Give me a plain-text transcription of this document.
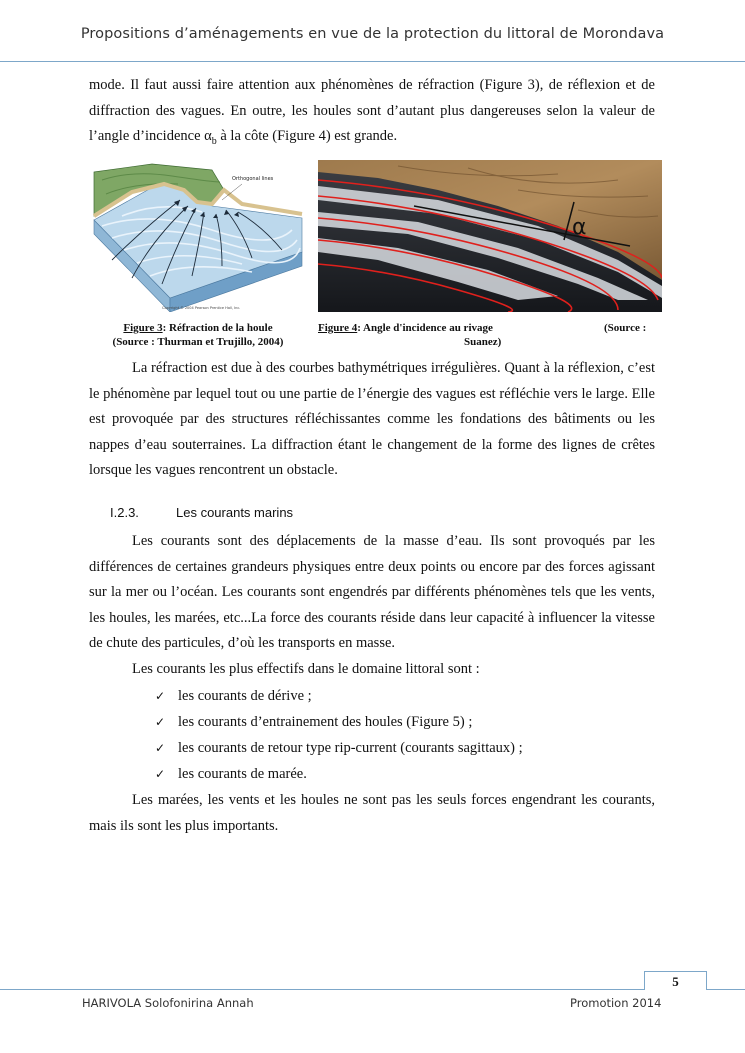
Propositions d’aménagements en vue de la protection du littoral de Morondava

mode. Il faut aussi faire attention aux phénomènes de réfraction (Figure 3), de réflexion et de diffraction des vagues. En outre, les houles sont d’autant plus dangereuses selon la valeur de l’angle d’incidence $\alpha_b$ à la côte (Figure 4) est grande.

Orthogonal lines
Copyright © 2004 Pearson Prentice Hall, Inc.
α
Figure 3: Réfraction de la houle
(Source : Thurman et Trujillo, 2004)
Figure 4: Angle d'incidence au rivage	(Source :
Suanez)

La réfraction est due à des courbes bathymétriques irrégulières. Quant à la réflexion, c’est le phénomène par lequel tout ou une partie de l’énergie des vagues est réfléchie vers le large. Elle est provoquée par des structures réfléchissantes comme les fondations des bâtiments ou les nappes d’eau souterraines. La diffraction étant le changement de la forme des lignes de crêtes lorsque les vagues rencontrent un obstacle.

I.2.3.	Les courants marins

Les courants sont des déplacements de la masse d’eau. Ils sont provoqués par les différences de certaines grandeurs physiques entre deux points ou encore par des forces agissant sur la mer ou l’océan. Les courants sont engendrés par différents phénomènes tels que les vents, les houles, les marées, etc...La force des courants réside dans leur capacité à influencer la vitesse de chute des particules, d’où les transports en masse.

Les courants les plus effectifs dans le domaine littoral sont :

✓ les courants de dérive ;
✓ les courants d’entrainement des houles (Figure 5) ;
✓ les courants de retour type rip-current (courants sagittaux) ;
✓ les courants de marée.

Les marées, les vents et les houles ne sont pas les seuls forces engendrant les courants, mais ils sont les plus importants.

5
HARIVOLA Solofonirina Annah	Promotion 2014
